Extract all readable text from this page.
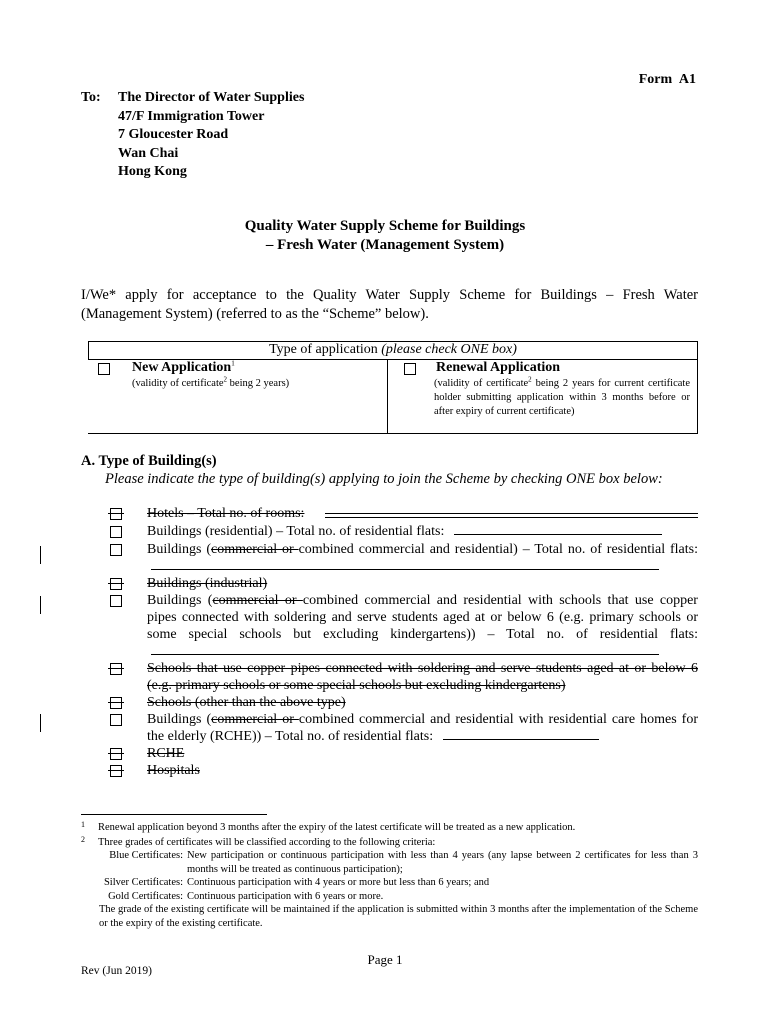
Form A1
To:	The Director of Water Supplies
47/F Immigration Tower
7 Gloucester Road
Wan Chai
Hong Kong
Quality Water Supply Scheme for Buildings
– Fresh Water (Management System)
I/We* apply for acceptance to the Quality Water Supply Scheme for Buildings – Fresh Water (Management System) (referred to as the “Scheme” below).
Type of application (please check ONE box)
New Application$^1$
(validity of certificate$^2$ being 2 years)
Renewal Application
(validity of certificate$^2$ being 2 years for current certificate holder submitting application within 3 months before or after expiry of current certificate)
A. Type of Building(s)
Please indicate the type of building(s) applying to join the Scheme by checking ONE box below:
Hotels – Total no. of rooms:
Buildings (residential) – Total no. of residential flats:
Buildings (commercial or combined commercial and residential) – Total no. of residential flats:
Buildings (industrial)
Buildings (commercial or combined commercial and residential with schools that use copper pipes connected with soldering and serve students aged at or below 6 (e.g. primary schools or some special schools but excluding kindergartens)) – Total no. of residential flats:
Schools that use copper pipes connected with soldering and serve students aged at or below 6 (e.g. primary schools or some special schools but excluding kindergartens)
Schools (other than the above type)
Buildings (commercial or combined commercial and residential with residential care homes for the elderly (RCHE)) – Total no. of residential flats:
RCHE
Hospitals
1 Renewal application beyond 3 months after the expiry of the latest certificate will be treated as a new application.
2 Three grades of certificates will be classified according to the following criteria:
Blue Certificates: New participation or continuous participation with less than 4 years (any lapse between 2 certificates for less than 3 months will be treated as continuous participation);
Silver Certificates: Continuous participation with 4 years or more but less than 6 years; and
Gold Certificates: Continuous participation with 6 years or more.
The grade of the existing certificate will be maintained if the application is submitted within 3 months after the implementation of the Scheme or the expiry of the existing certificate.
Page 1
Rev (Jun 2019)
